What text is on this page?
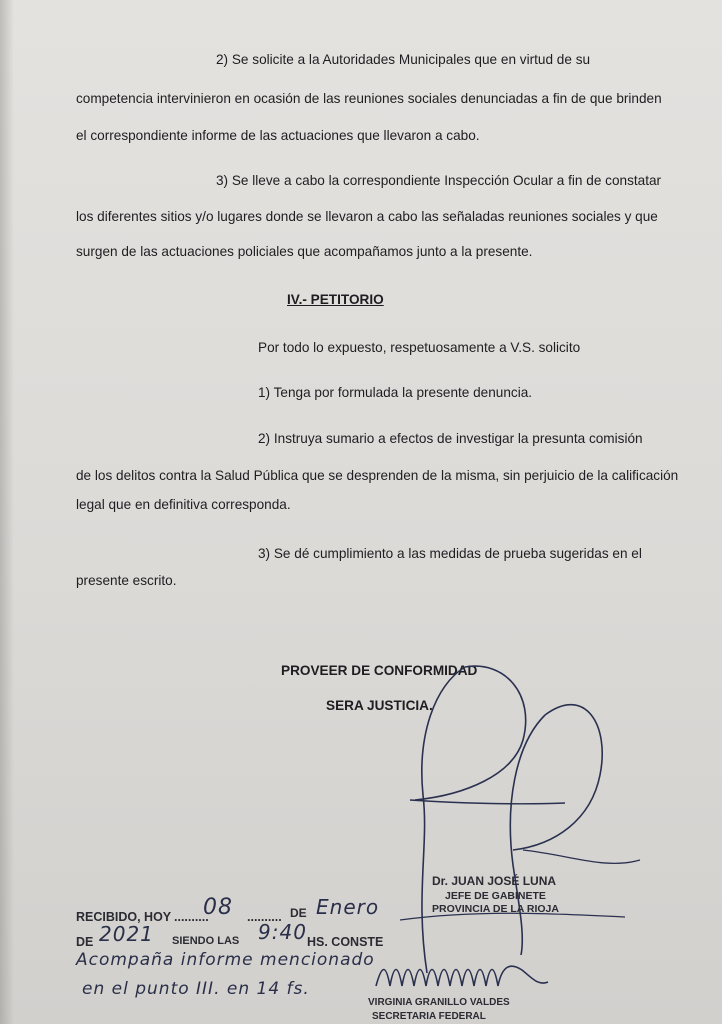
2) Se solicite a la Autoridades Municipales que en virtud de su
competencia intervinieron en ocasión de las reuniones sociales denunciadas a fin de que brinden
el correspondiente informe de las actuaciones que llevaron a cabo.
3) Se lleve a cabo la correspondiente Inspección Ocular a fin de constatar
los diferentes sitios y/o lugares donde se llevaron a cabo las señaladas reuniones sociales y que
surgen de las actuaciones policiales que acompañamos junto a la presente.
IV.- PETITORIO
Por todo lo expuesto, respetuosamente a V.S. solicito
1) Tenga por formulada la presente denuncia.
2) Instruya sumario a efectos de investigar la presunta comisión
de los delitos contra la Salud Pública que se desprenden de la misma, sin perjuicio de la calificación
legal que en definitiva corresponda.
3) Se dé cumplimiento a las medidas de prueba sugeridas en el
presente escrito.
PROVEER DE CONFORMIDAD
SERA JUSTICIA.
Dr. JUAN JOSÉ LUNA
JEFE DE GABINETE
PROVINCIA DE LA RIOJA
RECIBIDO, HOY ..........
08 .......... DE Enero
DE 2021 SIENDO LAS 9:40 HS. CONSTE
Acompaña informe mencionado
en el punto III. en 14 fs.
VIRGINIA GRANILLO VALDES
SECRETARIA FEDERAL
